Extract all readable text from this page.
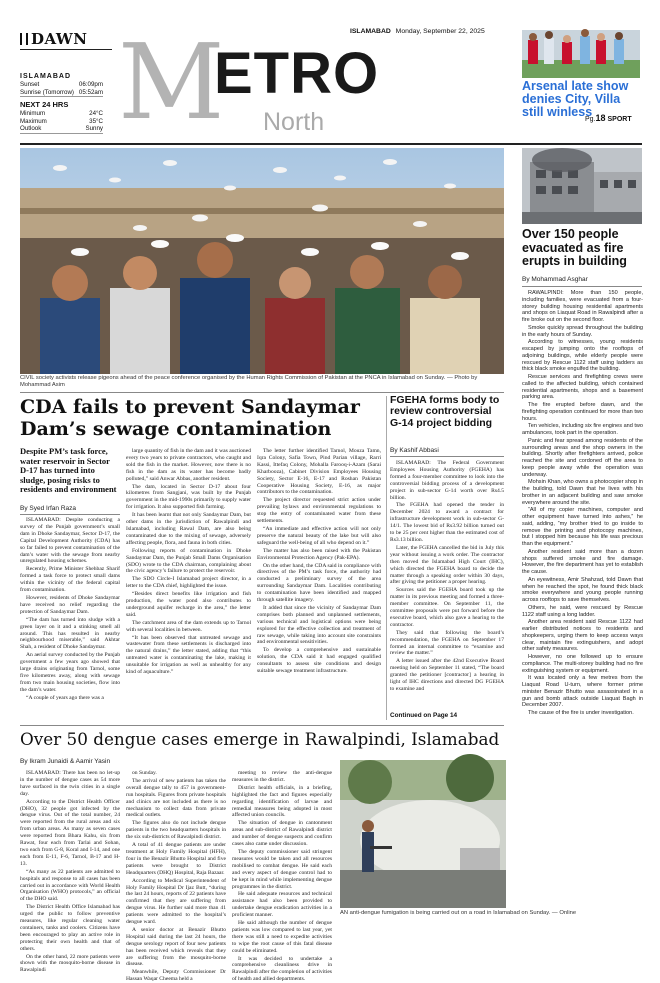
DAWN	ISLAMABAD Monday, September 22, 2025
M
ETRO
North
Arsenal late show denies City, Villa still winless
Pg.18 SPORT
ISLAMABAD
Sunset	06:09pm
Sunrise (Tomorrow) 05:52am
NEXT 24 HRS
Minimum	24°C
Maximum	35°C
Outlook	Sunny
CIVIL society activists release pigeons ahead of the peace conference organised by the Human Rights Commission of Pakistan at the PNCA in Islamabad on Sunday. — Photo by Mohammad Asim
Over 150 people evacuated as fire erupts in building
By Mohammad Asghar

RAWALPINDI: More than 150 people, including families, were evacuated from a four-storey building housing residential apartments and shops on Liaquat Road in Rawalpindi after a fire broke out on the second floor.

Smoke quickly spread throughout the building in the early hours of Sunday.

According to witnesses, young residents escaped by jumping onto the rooftops of adjoining buildings, while elderly people were rescued by Rescue 1122 staff using ladders as thick black smoke engulfed the building.

Rescue services and firefighting crews were called to the affected building, which contained residential apartments, shops and a basement parking area.

The fire erupted before dawn, and the firefighting operation continued for more than two hours.

Ten vehicles, including six fire engines and two ambulances, took part in the operation.

Panic and fear spread among residents of the surrounding areas and the shop owners in the building. Shortly after firefighters arrived, police reached the site and cordoned off the area to keep people away while the operation was underway.

Mohsin Khan, who owns a photocopier shop in the building, told Dawn that he lives with his brother in an adjacent building and saw smoke everywhere around the site.

“All of my copier machines, computer and other equipment have turned into ashes,” he said, adding, “my brother tried to go inside to remove the printing and photocopy machines, but I stopped him because his life was precious than the equipment.”

Another resident said more than a dozen shops suffered smoke and fire damage. However, the fire department has yet to establish the cause.

An eyewitness, Amir Shahzad, told Dawn that when he reached the spot, he found thick black smoke everywhere and young people running across rooftops to save themselves.

Others, he said, were rescued by Rescue 1122 staff using a long ladder.

Another area resident said Rescue 1122 had earlier distributed notices to residents and shopkeepers, urging them to keep access ways clear, maintain fire extinguishers, and adopt other safety measures.

However, no one followed up to ensure compliance. The multi-storey building had no fire extinguishing system or equipment.

It was located only a few metres from the Liaquat Road U-turn, where former prime minister Benazir Bhutto was assassinated in a gun and bomb attack outside Liaquat Bagh in December 2007.

The cause of the fire is under investigation.

CDA fails to prevent Sandaymar Dam’s sewage contamination
Despite PM’s task force, water reservoir in Sector D-17 has turned into sludge, posing risks to residents and environment
By Syed Irfan Raza

ISLAMABAD: Despite conducting a survey of the Punjab government’s small dam in Dhoke Sandaymar, Sector D-17, the Capital Development Authority (CDA) has so far failed to prevent contamination of the dam’s water with the sewage from nearby unregulated housing schemes.

Recently, Prime Minister Shehbaz Sharif formed a task force to protect small dams within the vicinity of the federal capital from contamination.

However, residents of Dhoke Sandaymar have received no relief regarding the protection of Sandaymar Dam.

“The dam has turned into sludge with a green layer on it and a stinking smell all around. This has resulted in nearby neighbourhood miserable,” said Akhtar Shah, a resident of Dhoke Sandaymar.

An aerial survey conducted by the Punjab government a few years ago showed that large drains originating from Tarnol, some five kilometres away, along with sewage from two main housing societies, flow into the dam’s water.

“A couple of years ago there was a

large quantity of fish in the dam and it was auctioned every two years to private contractors, who caught and sold the fish in the market. However, now there is no fish in the dam as its water has become badly polluted,” said Anwar Abbas, another resident.

The dam, located in Sector D-17 about four kilometres from Sangjani, was built by the Punjab government in the mid-1990s primarily to supply water for irrigation. It also supported fish farming.

It has been learnt that not only Sandaymar Dam, but other dams in the jurisdiction of Rawalpindi and Islamabad, including Rawal Dam, are also being contaminated due to the mixing of sewage, adversely affecting people, flora, and fauna in both cities.

Following reports of contamination in Dhoke Sandaymar Dam, the Punjab Small Dams Organisation (SDO) wrote to the CDA chairman, complaining about the civic agency’s failure to protect the reservoir.

The SDO Circle-I Islamabad project director, in a letter to the CDA chief, highlighted the issue.

“Besides direct benefits like irrigation and fish production, the water pond also contributes to underground aquifer recharge in the area,” the letter said.

The catchment area of the dam extends up to Tarnol with several localities in between.

“It has been observed that untreated sewage and wastewater from these settlements is discharged into the natural drains,” the letter stated, adding that “this untreated water is contaminating the lake, making it unsuitable for irrigation as well as unhealthy for any kind of aquaculture.”

The letter further identified Tarnol, Mouza Tamn, Iqra Colony, Safia Town, Pind Parian village, Rarri Kassi, Ittefaq Colony, Mohalla Farooq-i-Azam (Sarai Kharbooza), Cabinet Division Employees Housing Society, Sector E-16, E-17 and Roshan Pakistan Cooperative Housing Society, E-16, as major contributors to the contamination.

The project director requested strict action under prevailing bylaws and environmental regulations to stop the entry of contaminated water from these settlements.

“An immediate and effective action will not only preserve the natural beauty of the lake but will also safeguard the well-being of all who depend on it.”

The matter has also been raised with the Pakistan Environmental Protection Agency (Pak-EPA).

On the other hand, the CDA said in compliance with directives of the PM’s task force, the authority had conducted a preliminary survey of the area surrounding Sandaymar Dam. Localities contributing to contamination have been identified and mapped through satellite imagery.

It added that since the vicinity of Sandaymar Dam comprises both planned and unplanned settlements, various technical and logistical options were being explored for the effective collection and treatment of raw sewage, while taking into account site constraints and environmental sensitivities.

To develop a comprehensive and sustainable solution, the CDA said it had engaged qualified consultants to assess site conditions and design suitable sewage treatment infrastructure.

FGEHA forms body to review controversial G-14 project bidding
By Kashif Abbasi

ISLAMABAD: The Federal Government Employees Housing Authority (FGEHA) has formed a four-member committee to look into the controversial bidding process of a development project in sub-sector G-14 worth over Rs4.5 billion.

The FGEHA had opened the tender in December 2024 to award a contract for infrastructure development work in sub-sector G-14/1. The lowest bid of Rs3.92 billion turned out to be 25 per cent higher than the estimated cost of Rs3.13 billion.

Later, the FGEHA cancelled the bid in July this year without issuing a work order. The contractor then moved the Islamabad High Court (IHC), which directed the FGEHA board to decide the matter through a speaking order within 30 days, after giving the petitioner a proper hearing.

Sources said the FGEHA board took up the matter in its previous meeting and formed a three-member committee. On September 11, the committee proposals were put forward before the executive board, which also gave a hearing to the contractor.

They said that following the board’s recommendation, the FGEHA on September 17 formed an internal committee to “examine and review the matter.”

A letter issued after the 42nd Executive Board meeting held on September 11 stated, “The board granted the petitioner [contractor] a hearing in light of IHC directions and directed DG FGEHA to examine and

Continued on Page 14
Over 50 dengue cases emerge in Rawalpindi, Islamabad
By Ikram Junaidi & Aamir Yasin

ISLAMABAD: There has been no let-up in the number of dengue cases as 54 more have surfaced in the twin cities in a single day.

According to the District Health Officer (DHO), 32 people got infected by the dengue virus. Out of the total number, 24 were reported from the rural areas and six from urban areas. As many as seven cases were reported from Bhara Kahu, six from Rawat, four each from Tarlai and Sohan, two each from G-8, Koral and I-14, and one each from E-11, F-6, Tarnol, B-17 and H-13.

“As many as 22 patients are admitted to hospitals and response to all cases has been carried out in accordance with World Health Organisation (WHO) protocols,” an official of the DHO said.

The District Health Office Islamabad has urged the public to follow preventive measures, like regular cleaning water containers, tanks and coolers. Citizens have been encouraged to play an active role in protecting their own health and that of others.

On the other hand, 22 more patients were shown with the mosquito-borne disease in Rawalpindi

on Sunday.

The arrival of new patients has taken the overall dengue tally to 457 in government-run hospitals. Figures from private hospitals and clinics are not included as there is no mechanism to collect data from private medical outlets.

The figures also do not include dengue patients in the two headquarters hospitals in the six sub-districts of Rawalpindi district.

A total of 41 dengue patients are under treatment at Holy Family Hospital (HFH), four in the Benazir Bhutto Hospital and five patients were brought to District Headquarters (DHQ) Hospital, Raja Bazaar.

According to Medical Superintendent of Holy Family Hospital Dr Ijaz Butt, “during the last 24 hours, reports of 22 patients have confirmed that they are suffering from dengue virus. He further said more than 41 patients were admitted to the hospital’s dengue ward.

A senior doctor at Benazir Bhutto Hospital said during the last 24 hours, the dengue serology report of four new patients has been received which reveals that they are suffering from the mosquito-borne disease.

Meanwhile, Deputy Commissioner Dr Hassan Waqar Cheema held a

meeting to review the anti-dengue measures in the district.

District health officials, in a briefing, highlighted the fact and figures especially regarding identification of larvae and remedial measures being adopted in most affected union councils.

The situation of dengue in cantonment areas and sub-district of Rawalpindi district and number of dengue suspects and confirm cases also came under discussion.

The deputy commissioner said stringent measures would be taken and all resources mobilised to combat dengue. He said each and every aspect of dengue control had to be kept in mind while implementing dengue programmes in the district.

He said adequate resources and technical assistance had also been provided to undertake dengue eradication activities in a proficient manner.

He said although the number of dengue patients was low compared to last year, yet there was still a need to expedite activities to wipe the root cause of this fatal disease could be eliminated.

It was decided to undertake a comprehensive cleanliness drive in Rawalpindi after the completion of activities of health and allied departments.

AN anti-dengue fumigation is being carried out on a road in Islamabad on Sunday. — Online
